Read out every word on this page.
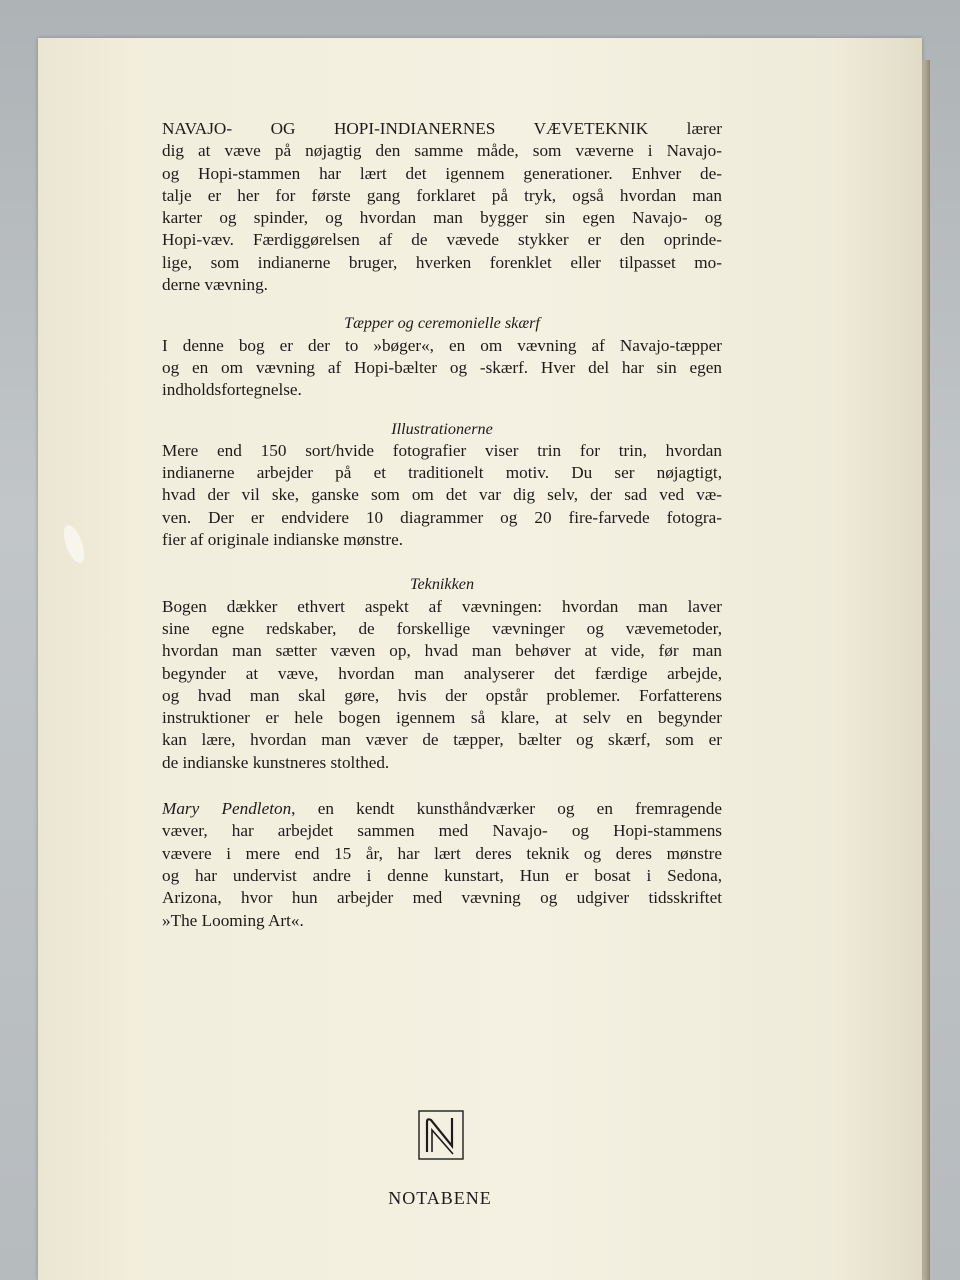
NAVAJO- OG HOPI-INDIANERNES VÆVETEKNIK lærer
dig at væve på nøjagtig den samme måde, som væverne i Navajo-
og Hopi-stammen har lært det igennem generationer. Enhver de-
talje er her for første gang forklaret på tryk, også hvordan man
karter og spinder, og hvordan man bygger sin egen Navajo- og
Hopi-væv. Færdiggørelsen af de vævede stykker er den oprinde-
lige, som indianerne bruger, hverken forenklet eller tilpasset mo-
derne vævning.
Tæpper og ceremonielle skærf
I denne bog er der to »bøger«, en om vævning af Navajo-tæpper
og en om vævning af Hopi-bælter og -skærf. Hver del har sin egen
indholdsfortegnelse.
Illustrationerne
Mere end 150 sort/hvide fotografier viser trin for trin, hvordan
indianerne arbejder på et traditionelt motiv. Du ser nøjagtigt,
hvad der vil ske, ganske som om det var dig selv, der sad ved væ-
ven. Der er endvidere 10 diagrammer og 20 fire-farvede fotogra-
fier af originale indianske mønstre.
Teknikken
Bogen dækker ethvert aspekt af vævningen: hvordan man laver
sine egne redskaber, de forskellige vævninger og vævemetoder,
hvordan man sætter væven op, hvad man behøver at vide, før man
begynder at væve, hvordan man analyserer det færdige arbejde,
og hvad man skal gøre, hvis der opstår problemer. Forfatterens
instruktioner er hele bogen igennem så klare, at selv en begynder
kan lære, hvordan man væver de tæpper, bælter og skærf, som er
de indianske kunstneres stolthed.
Mary Pendleton, en kendt kunsthåndværker og en fremragende
væver, har arbejdet sammen med Navajo- og Hopi-stammens
vævere i mere end 15 år, har lært deres teknik og deres mønstre
og har undervist andre i denne kunstart, Hun er bosat i Sedona,
Arizona, hvor hun arbejder med vævning og udgiver tidsskriftet
»The Looming Art«.
NOTABENE
